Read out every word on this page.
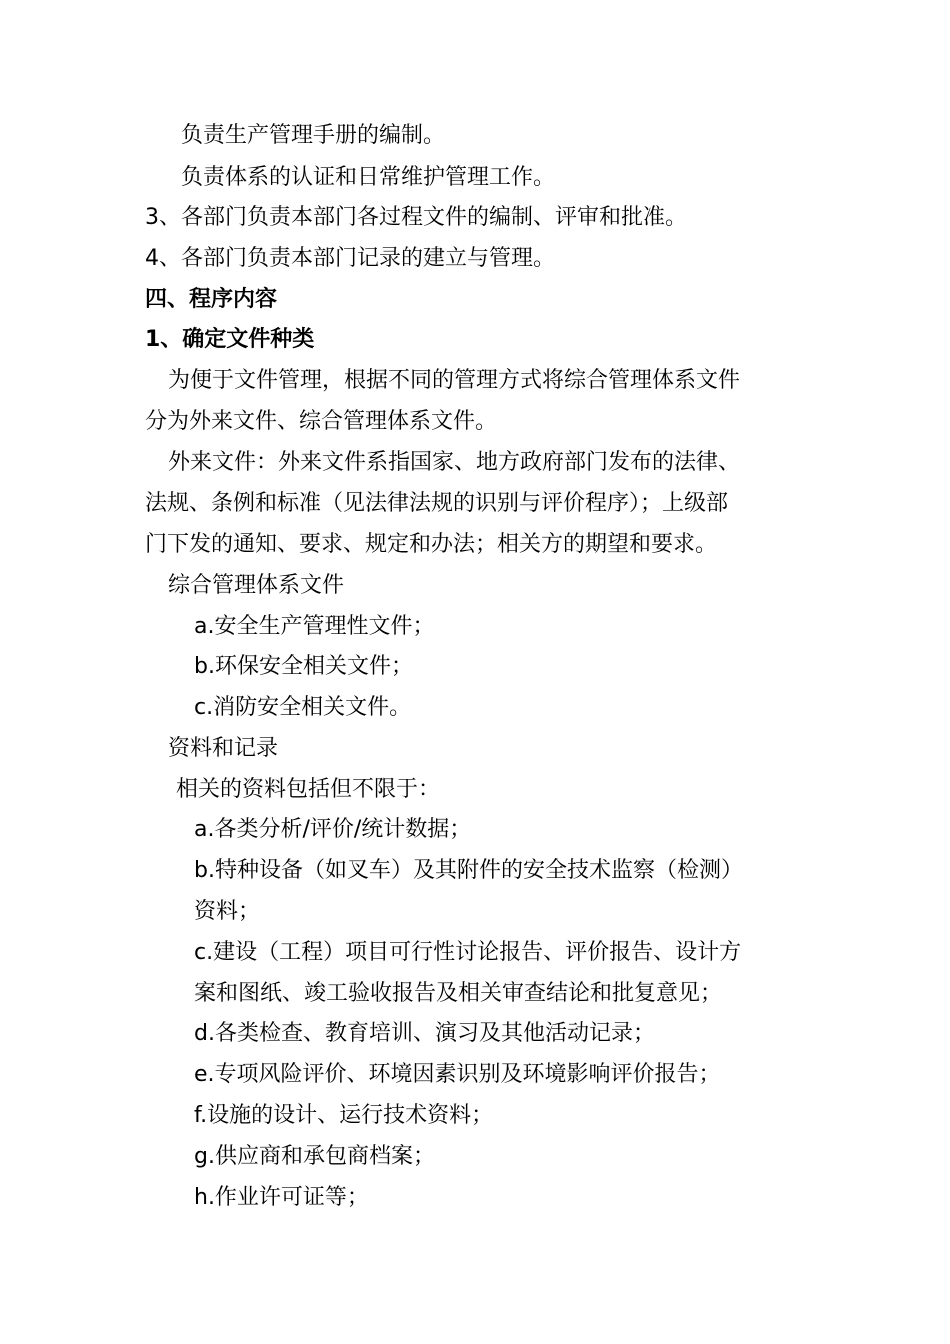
负责生产管理手册的编制。
负责体系的认证和日常维护管理工作。
3、各部门负责本部门各过程文件的编制、评审和批准。
4、各部门负责本部门记录的建立与管理。
四、程序内容
1、确定文件种类
为便于文件管理，根据不同的管理方式将综合管理体系文件
分为外来文件、综合管理体系文件。
外来文件：外来文件系指国家、地方政府部门发布的法律、
法规、条例和标准（见法律法规的识别与评价程序）；上级部
门下发的通知、要求、规定和办法；相关方的期望和要求。
综合管理体系文件
a.安全生产管理性文件；
b.环保安全相关文件；
c.消防安全相关文件。
资料和记录
相关的资料包括但不限于：
a.各类分析/评价/统计数据；
b.特种设备（如叉车）及其附件的安全技术监察（检测）
资料；
c.建设（工程）项目可行性讨论报告、评价报告、设计方
案和图纸、竣工验收报告及相关审查结论和批复意见；
d.各类检查、教育培训、演习及其他活动记录；
e.专项风险评价、环境因素识别及环境影响评价报告；
f.设施的设计、运行技术资料；
g.供应商和承包商档案；
h.作业许可证等；
